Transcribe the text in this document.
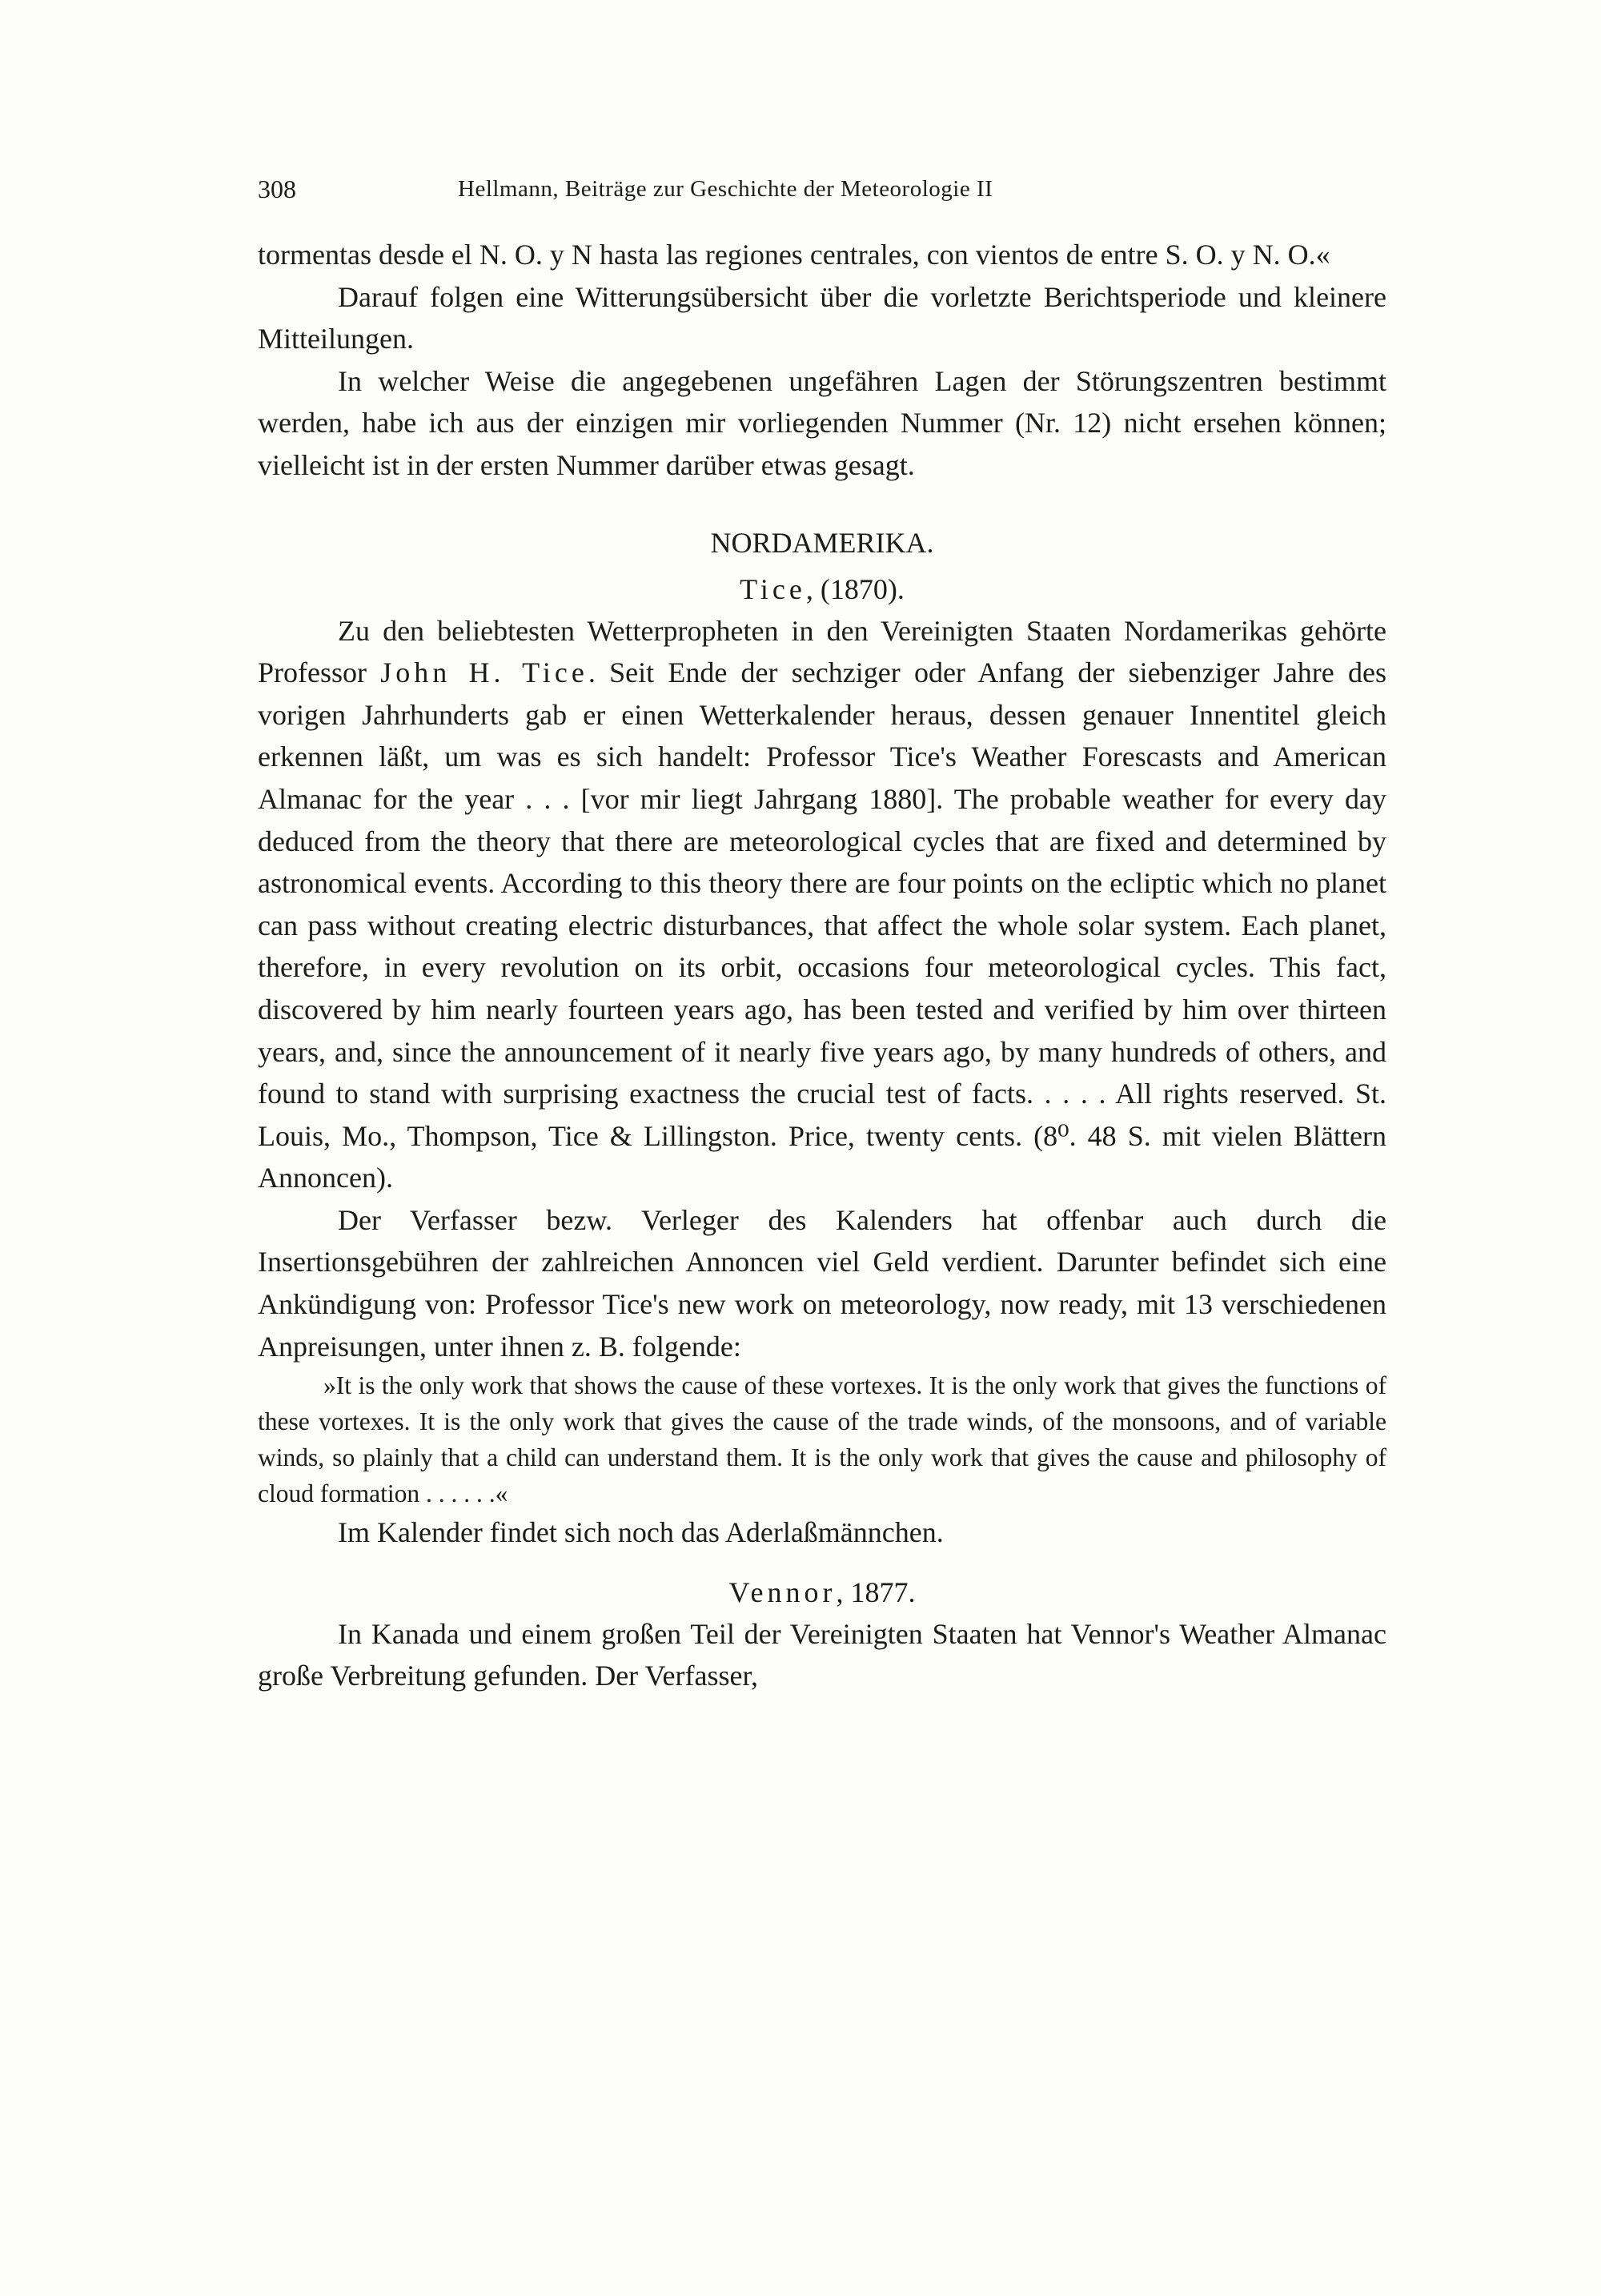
308	Hellmann, Beiträge zur Geschichte der Meteorologie II

tormentas desde el N. O. y N hasta las regiones centrales, con vientos de entre S. O. y N. O.«

Darauf folgen eine Witterungsübersicht über die vorletzte Berichtsperiode und kleinere Mitteilungen.

In welcher Weise die angegebenen ungefähren Lagen der Störungszentren bestimmt werden, habe ich aus der einzigen mir vorliegenden Nummer (Nr. 12) nicht ersehen können; vielleicht ist in der ersten Nummer darüber etwas gesagt.

NORDAMERIKA.

Tice, (1870).

Zu den beliebtesten Wetterpropheten in den Vereinigten Staaten Nordamerikas gehörte Professor John H. Tice. Seit Ende der sechziger oder Anfang der siebenziger Jahre des vorigen Jahrhunderts gab er einen Wetterkalender heraus, dessen genauer Innentitel gleich erkennen läßt, um was es sich handelt: Professor Tice's Weather Forescasts and American Almanac for the year . . . [vor mir liegt Jahrgang 1880]. The probable weather for every day deduced from the theory that there are meteorological cycles that are fixed and determined by astronomical events. According to this theory there are four points on the ecliptic which no planet can pass without creating electric disturbances, that affect the whole solar system. Each planet, therefore, in every revolution on its orbit, occasions four meteorological cycles. This fact, discovered by him nearly fourteen years ago, has been tested and verified by him over thirteen years, and, since the announcement of it nearly five years ago, by many hundreds of others, and found to stand with surprising exactness the crucial test of facts. . . . . All rights reserved. St. Louis, Mo., Thompson, Tice & Lillingston. Price, twenty cents. (8⁰. 48 S. mit vielen Blättern Annoncen).

Der Verfasser bezw. Verleger des Kalenders hat offenbar auch durch die Insertionsgebühren der zahlreichen Annoncen viel Geld verdient. Darunter befindet sich eine Ankündigung von: Professor Tice's new work on meteorology, now ready, mit 13 verschiedenen Anpreisungen, unter ihnen z. B. folgende:

»It is the only work that shows the cause of these vortexes. It is the only work that gives the functions of these vortexes. It is the only work that gives the cause of the trade winds, of the monsoons, and of variable winds, so plainly that a child can understand them. It is the only work that gives the cause and philosophy of cloud formation . . . . . .«

Im Kalender findet sich noch das Aderlaßmännchen.

Vennor, 1877.

In Kanada und einem großen Teil der Vereinigten Staaten hat Vennor's Weather Almanac große Verbreitung gefunden. Der Verfasser,
